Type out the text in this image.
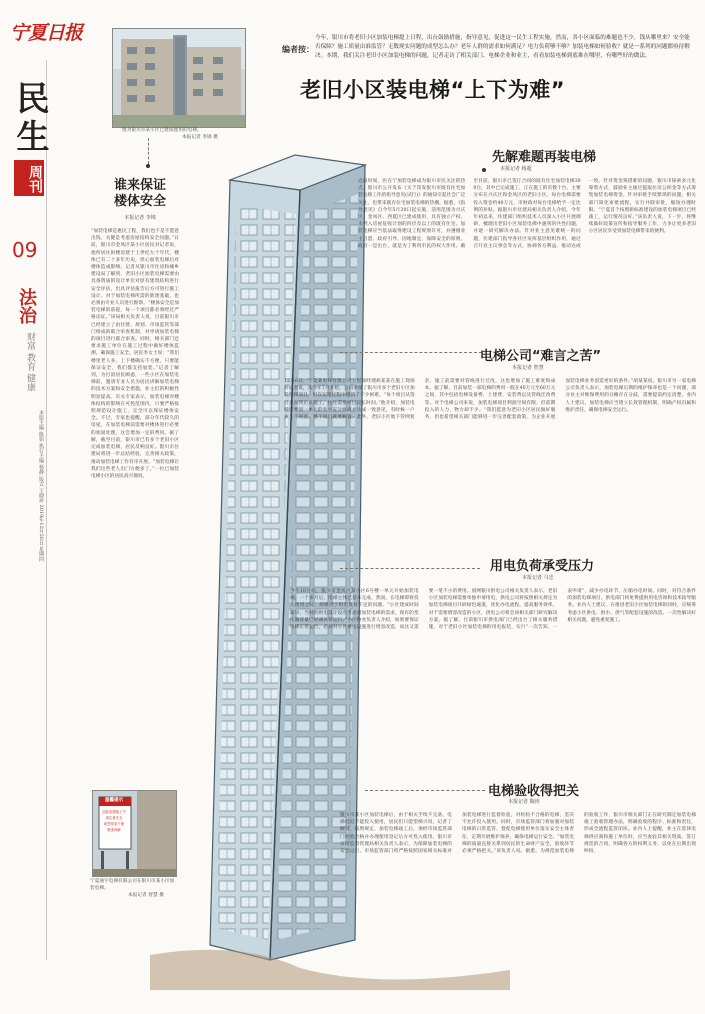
宁夏日报
民生
周刊
09
法治
财富 教育 健康
本版主编 陈娟 执行主编 杨静 版式 王晓珍 2019年12月26日 星期四
图为银川市某小区已建成使用的电梯。
本报记者 李锦 摄
编者按：
今年，银川市将老旧小区加装电梯提上日程，出台鼓励措施，指导意见，促进这一民生工程实施。然而，各小区面临的难题也不少，钱从哪里来？安全能否保障？施工质量由谁监管？无数现实问题的成型怎么办？老年人群的需求如何满足？电力负荷够不够？加装电梯如何验收？就是一系列的问题都亟待解决。本期，我们关注老旧小区加装电梯的问题，记者走访了相关部门、电梯企业和业主，看看加装电梯到底难在哪里，有哪些好的做法。
老旧小区装电梯“上下为难”
谁来保证
楼体安全
本报记者 李锦
“加装电梯是惠民工程，我们也不是不愿意出钱，关键是考虑房屋结构安全问题。”日前，银川市金凤区某小区居民对记者说，他所居住的楼房建于上世纪九十年代，楼体已有二十多年历史，担心加装电梯后对楼体造成影响。记者从银川市住房和城乡建设局了解到，老旧小区加装电梯需要由具备资质的设计单位对原有建筑结构进行安全评估，出具评估报告后方可进行施工设计。对于加装电梯所需的新建基础，也必须由专业人员进行勘察。“楼体安全是加装电梯的前提，每一个项目都必须经过严格论证。”该局相关负责人说，目前银川市已经建立了由住建、规划、市场监管等部门组成的联合审查机制，对申请加装电梯的项目进行联合审查。同时，相关部门还要求施工单位在施工过程中做好楼体监测，确保施工安全。居民李女士说：“我们楼里老人多，上下楼确实不方便，只要能保证安全，我们都支持加装。”记者了解到，为打消居民顾虑，一些小区在加装电梯前，邀请专业人员为居民讲解加装电梯的技术方案和安全措施，业主们的积极性明显提高。有关专家表示，加装电梯对楼体结构的影响在可控范围内，只要严格按照规范设计施工，完全可以保证楼体安全。不过，专家也提醒，部分年代较久的房屋，在加装电梯前需要对楼体进行必要的加固处理，这会增加一定的费用。据了解，截至目前，银川市已有多个老旧小区完成加装电梯，居民反响良好。银川市住建局将进一步总结经验，完善相关政策，推动加装电梯工作有序开展。“加装电梯让我们这些老人出门方便多了。”一位已加装电梯小区的居民高兴地说。
温馨提示
加装电梯施工中
请注意安全
给您带来不便
敬请谅解
宁夏通宇电梯有限公司在银川市某小区加装电梯。
本报记者 智慧 摄
先解难题再装电梯
本报记者 杨超
近段时间，医在宁加装电梯成为银川市民关注的热点。银川市公开发布《关于印发银川市既有住宅加装电梯工作的指导意见(试行)》的通知引起社会广泛关注，也带来既有住宅加装电梯的热潮。据悉，《指导意见》自今年5月20日起实施，适用范围为兴庆区、金凤区、西夏区已建成使用、具有独立产权、未列入房屋征收计划的四层及以上的既有住宅。加装电梯应当依法取得建设工程规划许可，并遵循业主自愿、政府引导、因地制宜、保障安全的原则。政府一是出台，就是为了利用市民的权大作用。截至目前，银川市已签订合同的既有住宅加装电梯300台，其中已完成施工、正在施工的有数十台，主要分布在兴庆区和金凤区的老旧小区。每台电梯需要投入资金约40万元，市财政对每台电梯给予一定比例的补贴。据银川市住建局相关负责人介绍，今年年初以来，住建部门组织技术人员深入小区开展调研，梳理出老旧小区加装电梯中遇到的共性问题，并逐一研究解决办法。针对业主意见难统一的问题，住建部门指导各社区发挥基层组织作用，通过召开业主议事会等方式，协调各方利益，推动达成一致。针对资金筹措难的问题，银川市探索多元化筹资方式，鼓励业主通过提取住房公积金等方式筹集加装电梯资金。针对审批手续繁琐的问题，相关部门简化审批流程，实行并联审批，缩短办理时限。“宁夏首个按照新标准建设的加装电梯项目已经竣工，运行情况良好。”该负责人说，下一步，将继续做好政策宣传和指导服务工作，力争让更多老旧小区居民享受到加装电梯带来的便利。
电梯公司“难言之苦”
本报记者 智慧
12月6日，宁夏某电梯有限公司工程部经理胡某某在施工现场对记者说，从今年7月开始，公司承接了银川市多个老旧小区加装电梯项目，但在实施过程中遇到了不少困难。“每个项目从签订意向到正式施工，往往需要经过较长时间。”他介绍，加装电梯需要同一单元的业主充分协商并达成一致意见，有时候一户业主不同意，整个项目就要搁置。此外，老旧小区地下管网复杂，施工前需要对管线进行迁改，这也增加了施工难度和成本。据了解，目前加装一部电梯的费用一般在40万元至60万元之间，其中包括电梯设备费、土建费、安装费以及管线迁改费等。对于电梯公司来说，加装电梯项目利润空间有限，但前期投入的人力、物力却不少。“我们愿意为老旧小区居民做好服务，但也希望相关部门能够进一步完善配套政策，为企业开展加装电梯业务创造更好的条件。”胡某某说。银川市另一家电梯公司负责人表示，加装电梯后期的维护保养也是一个问题，部分业主对维保费用的分摊存在分歧，需要提前约定清楚。业内人士建议，加装电梯应当建立长效管理机制，明确产权归属和维护责任，确保电梯安全运行。
用电负荷承受压力
本报记者 马忠
今年10月底，银川市金凤区某小区6号楼一单元开始加装电梯，一个多月后，电梯主体已基本完成。然而，在电梯即将投入使用之际，却遇到了用电负荷不足的问题。“小区建成时间较早，当时的供电设计没有考虑到加装电梯的需求，现有的变压器容量已经满负荷运行。”小区物业负责人介绍，如果要保证电梯正常运行，必须对小区供电设施进行增容改造，而这又需要一笔不小的费用。国网银川供电公司相关负责人表示，老旧小区加装电梯需要单独申请用电，供电公司将按照相关规定为加装电梯项目开辟绿色通道，优化办电流程，提高服务效率。对于需要增容改造的小区，供电公司将会同相关部门研究解决方案。据了解，目前银川市供电部门已经出台了相关服务措施，对于老旧小区加装电梯的用电报装，实行“一次告知、一表申请”，减少办电环节，压缩办电时间。同时，对符合条件的加装电梯项目，供电部门将免费提供用电咨询和技术指导服务。业内人士建议，在推进老旧小区加装电梯的同时，应统筹考虑小区供电、供水、供气等配套设施的改造，一次性解决好相关问题，避免重复施工。
电梯验收得把关
本报记者 陶涛
银川市某小区加装电梯后，由于相关手续不完备，电梯迟迟不能投入使用，居民们只能望梯兴叹。记者了解到，按照规定，加装电梯竣工后，须经市场监管部门检验合格并办理使用登记后方可投入使用。银川市市场监督管理局相关负责人表示，为保障加装电梯的安全运行，市场监管部门将严格按照国家相关标准对加装电梯进行监督检验，对检验不合格的电梯，坚决不允许投入使用。同时，市场监管部门将加强对加装电梯的日常监管，督促电梯使用单位落实安全主体责任，定期开展维护保养，确保电梯运行安全。“加装电梯的质量直接关系到居民的生命财产安全，验收环节必须严格把关。”该负责人说。据悉，为规范加装电梯的验收工作，银川市相关部门正在研究制定加装电梯竣工验收管理办法，明确验收的程序、标准和责任，形成全流程监管闭环。业内人士提醒，业主在选择电梯供应商和施工单位时，应当查验其相关资质，签订规范的合同，明确各方的权利义务，以免在后期出现纠纷。
